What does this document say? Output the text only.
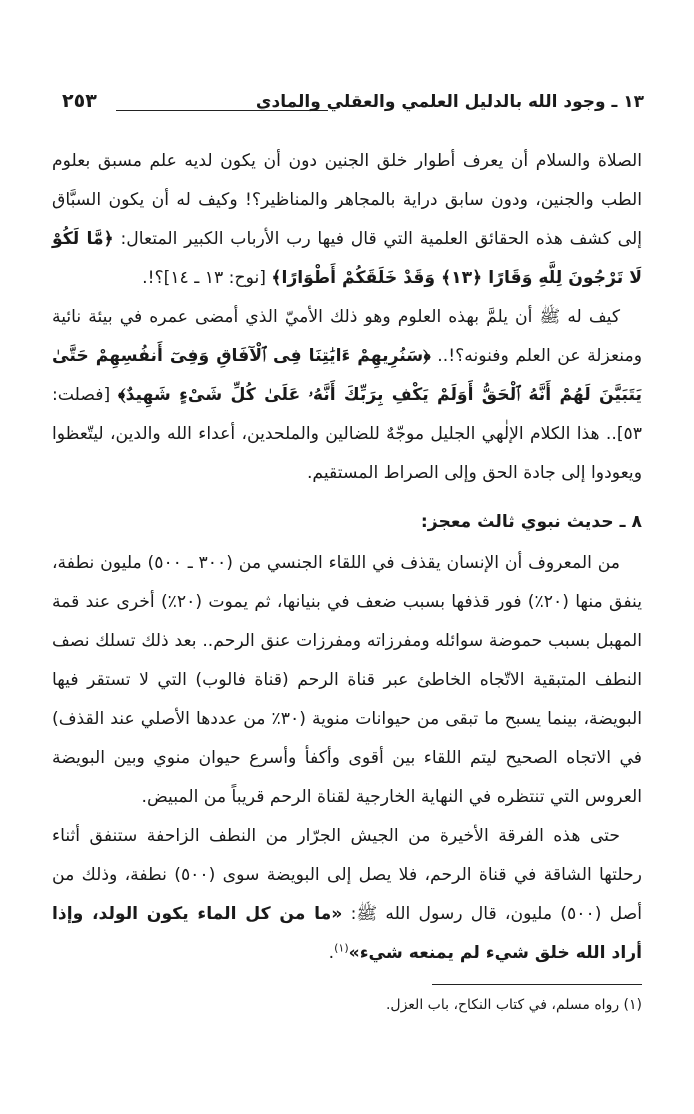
١٣ ـ وجود الله بالدليل العلمي والعقلي والمادي
٢٥٣

الصلاة والسلام أن يعرف أطوار خلق الجنين دون أن يكون لديه علم مسبق بعلوم الطب والجنين، ودون سابق دراية بالمجاهر والمناظير؟! وكيف له أن يكون السبَّاق إلى كشف هذه الحقائق العلمية التي قال فيها رب الأرباب الكبير المتعال: ﴿مَّا لَكُوْ لَا تَرْجُونَ لِلَّهِ وَقَارًا ﴿١٣﴾ وَقَدْ خَلَقَكُمْ أَطْوَارًا﴾ [نوح: ١٣ ـ ١٤]؟!.

كيف له ﷺ أن يلمَّ بهذه العلوم وهو ذلك الأميّ الذي أمضى عمره في بيئة نائية ومنعزلة عن العلم وفنونه؟!.. ﴿سَنُرِيهِمْ ءَايَٰتِنَا فِى ٱلْآفَاقِ وَفِىٓ أَنفُسِهِمْ حَتَّىٰ يَتَبَيَّنَ لَهُمْ أَنَّهُ ٱلْحَقُّ أَوَلَمْ يَكْفِ بِرَبِّكَ أَنَّهُۥ عَلَىٰ كُلِّ شَىْءٍ شَهِيدٌ﴾ [فصلت: ٥٣].. هذا الكلام الإلٰهي الجليل موجّهٌ للضالين والملحدين، أعداء الله والدين، ليتّعظوا ويعودوا إلى جادة الحق وإلى الصراط المستقيم.

٨ ـ حديث نبوي ثالث معجز:

من المعروف أن الإنسان يقذف في اللقاء الجنسي من (٣٠٠ ـ ٥٠٠) مليون نطفة، ينفق منها (٢٠٪) فور قذفها بسبب ضعف في بنيانها، ثم يموت (٢٠٪) أخرى عند قمة المهبل بسبب حموضة سوائله ومفرزاته ومفرزات عنق الرحم.. بعد ذلك تسلك نصف النطف المتبقية الاتّجاه الخاطئ عبر قناة الرحم (قناة فالوب) التي لا تستقر فيها البويضة، بينما يسبح ما تبقى من حيوانات منوية (٣٠٪ من عددها الأصلي عند القذف) في الاتجاه الصحيح ليتم اللقاء بين أقوى وأكفأ وأسرع حيوان منوي وبين البويضة العروس التي تنتظره في النهاية الخارجية لقناة الرحم قريباً من المبيض.

حتى هذه الفرقة الأخيرة من الجيش الجرّار من النطف الزاحفة ستنفق أثناء رحلتها الشاقة في قناة الرحم، فلا يصل إلى البويضة سوى (٥٠٠) نطفة، وذلك من أصل (٥٠٠) مليون، قال رسول الله ﷺ: «ما من كل الماء يكون الولد، وإذا أراد الله خلق شيء لم يمنعه شيء»$^{(١)}$.

(١) رواه مسلم، في كتاب النكاح، باب العزل.
